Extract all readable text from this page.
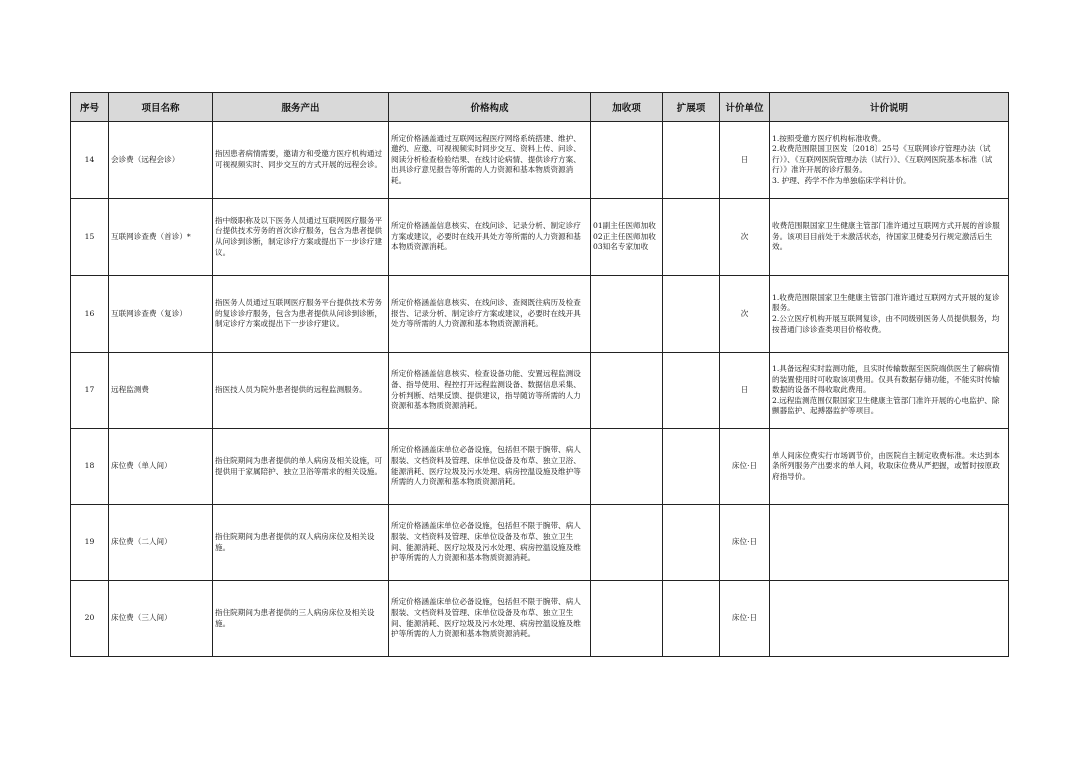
序号	项目名称	服务产出	价格构成	加收项	扩展项	计价单位	计价说明
14	会诊费（远程会诊）	指因患者病情需要，邀请方和受邀方医疗机构通过可视视频实时、同步交互的方式开展的远程会诊。	所定价格涵盖通过互联网远程医疗网络系统搭建、维护、邀约、应邀、可视视频实时同步交互、资料上传、问诊、阅读分析检查检验结果、在线讨论病情、提供诊疗方案、出具诊疗意见报告等所需的人力资源和基本物质资源消耗。			日	1.按照受邀方医疗机构标准收费。
2.收费范围限国卫医发〔2018〕25号《互联网诊疗管理办法（试行）》、《互联网医院管理办法（试行）》、《互联网医院基本标准（试行）》准许开展的诊疗服务。
3. 护理、药学不作为单独临床学科计价。
15	互联网诊查费（首诊）*	指中级职称及以下医务人员通过互联网医疗服务平台提供技术劳务的首次诊疗服务，包含为患者提供从问诊到诊断，制定诊疗方案或提出下一步诊疗建议。	所定价格涵盖信息核实、在线问诊、记录分析、制定诊疗方案或建议，必要时在线开具处方等所需的人力资源和基本物质资源消耗。	01副主任医师加收
02正主任医师加收
03知名专家加收		次	收费范围限国家卫生健康主管部门准许通过互联网方式开展的首诊服务。该项目目前处于未激活状态，待国家卫健委另行规定激活后生效。
16	互联网诊查费（复诊）	指医务人员通过互联网医疗服务平台提供技术劳务的复诊诊疗服务，包含为患者提供从问诊到诊断，制定诊疗方案或提出下一步诊疗建议。	所定价格涵盖信息核实、在线问诊、查阅既往病历及检查报告、记录分析、制定诊疗方案或建议，必要时在线开具处方等所需的人力资源和基本物质资源消耗。			次	1.收费范围限国家卫生健康主管部门准许通过互联网方式开展的复诊服务。
2.公立医疗机构开展互联网复诊，由不同级别医务人员提供服务，均按普通门诊诊查类项目价格收费。
17	远程监测费	指医技人员为院外患者提供的远程监测服务。	所定价格涵盖信息核实、检查设备功能、安置远程监测设备、指导使用、程控打开远程监测设备、数据信息采集、分析判断、结果反馈、提供建议，指导随访等所需的人力资源和基本物质资源消耗。			日	1.具备远程实时监测功能，且实时传输数据至医院端供医生了解病情的装置使用时可收取该项费用。仅具有数据存储功能，不能实时传输数据的设备不得收取此费用。
2.远程监测范围仅限国家卫生健康主管部门准许开展的心电监护、除颤器监护、起搏器监护等项目。
18	床位费（单人间）	指住院期间为患者提供的单人病房及相关设施，可提供用于家属陪护、独立卫浴等需求的相关设施。	所定价格涵盖床单位必备设施，包括但不限于腕带、病人服装、文档资料及管理、床单位设备及布草、独立卫浴、能源消耗、医疗垃圾及污水处理、病房控温设施及维护等所需的人力资源和基本物质资源消耗。			床位·日	单人间床位费实行市场调节价，由医院自主制定收费标准。未达到本条所列服务产出要求的单人间，收取床位费从严把握，或暂时按原政府指导价。
19	床位费（二人间）	指住院期间为患者提供的双人病房床位及相关设施。	所定价格涵盖床单位必备设施，包括但不限于腕带、病人服装、文档资料及管理、床单位设备及布草、独立卫生间、能源消耗、医疗垃圾及污水处理、病房控温设施及维护等所需的人力资源和基本物质资源消耗。			床位·日	
20	床位费（三人间）	指住院期间为患者提供的三人病房床位及相关设施。	所定价格涵盖床单位必备设施，包括但不限于腕带、病人服装、文档资料及管理、床单位设备及布草、独立卫生间、能源消耗、医疗垃圾及污水处理、病房控温设施及维护等所需的人力资源和基本物质资源消耗。			床位·日	
